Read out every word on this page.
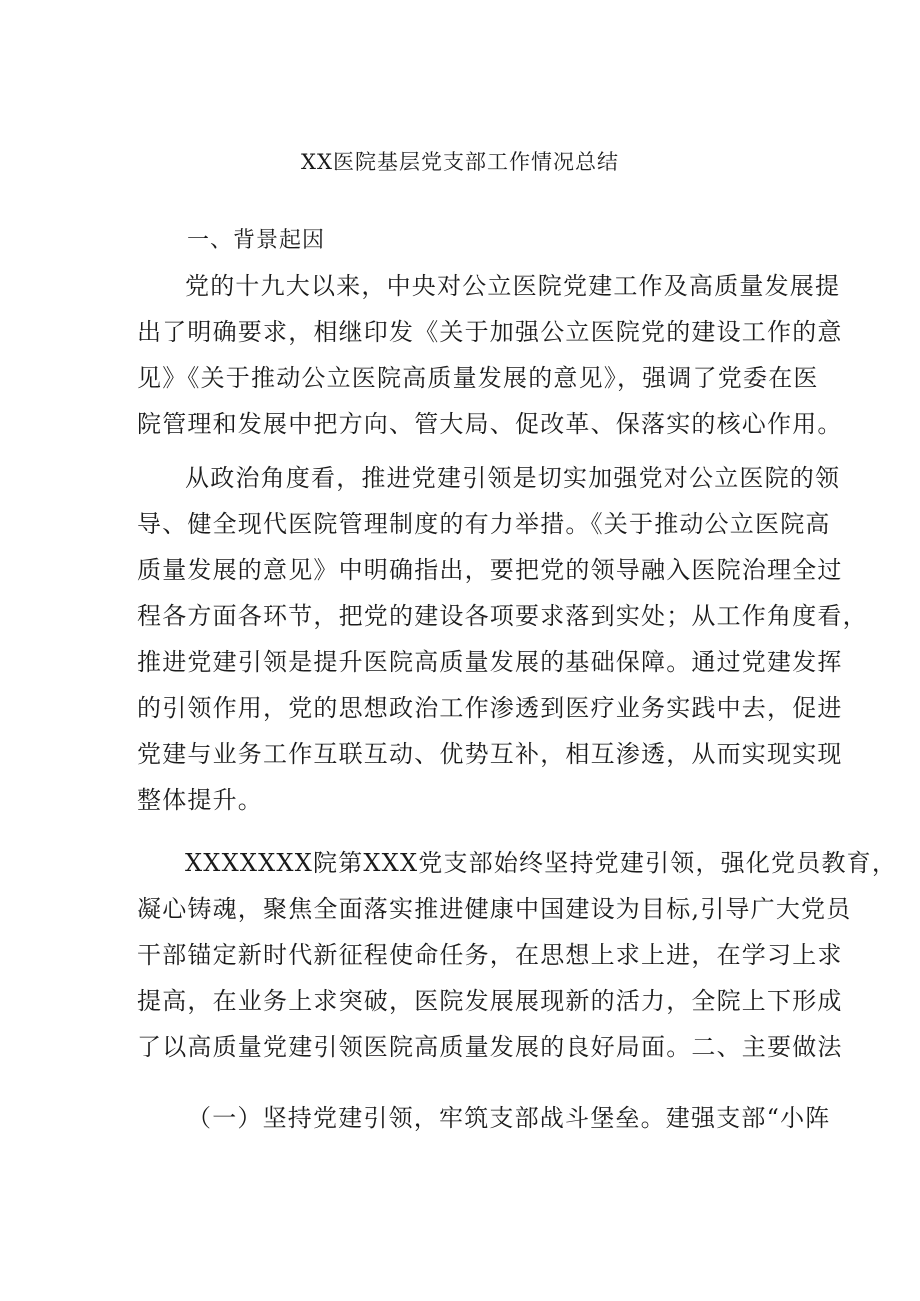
XX医院基层党支部工作情况总结
一、背景起因
党的十九大以来，中央对公立医院党建工作及高质量发展提
出了明确要求，相继印发《关于加强公立医院党的建设工作的意
见》《关于推动公立医院高质量发展的意见》，强调了党委在医
院管理和发展中把方向、管大局、促改革、保落实的核心作用。
从政治角度看，推进党建引领是切实加强党对公立医院的领
导、健全现代医院管理制度的有力举措。《关于推动公立医院高
质量发展的意见》中明确指出，要把党的领导融入医院治理全过
程各方面各环节，把党的建设各项要求落到实处；从工作角度看，
推进党建引领是提升医院高质量发展的基础保障。通过党建发挥
的引领作用，党的思想政治工作渗透到医疗业务实践中去，促进
党建与业务工作互联互动、优势互补，相互渗透，从而实现实现
整体提升。
XXXXXXX院第XXX党支部始终坚持党建引领，强化党员教育，
凝心铸魂，聚焦全面落实推进健康中国建设为目标,引导广大党员
干部锚定新时代新征程使命任务，在思想上求上进，在学习上求
提高，在业务上求突破，医院发展展现新的活力，全院上下形成
了以高质量党建引领医院高质量发展的良好局面。二、主要做法
（一）坚持党建引领，牢筑支部战斗堡垒。建强支部“小阵
